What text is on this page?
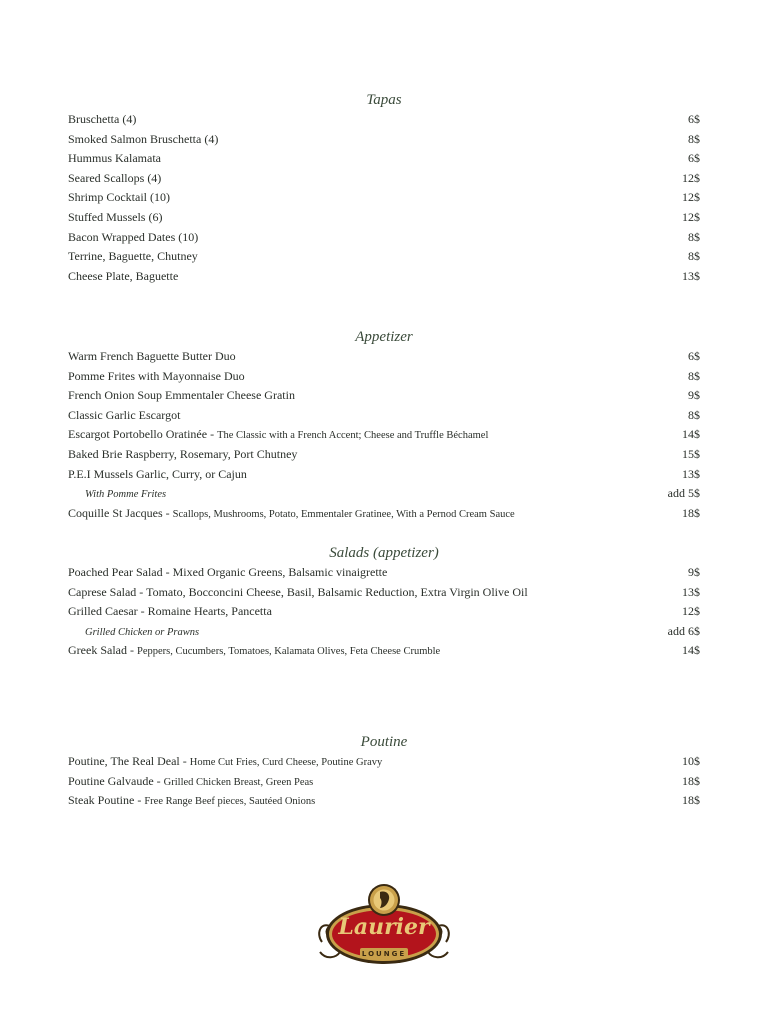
Tapas
Bruschetta (4)	6$
Smoked Salmon Bruschetta (4)	8$
Hummus Kalamata	6$
Seared Scallops (4)	12$
Shrimp Cocktail (10)	12$
Stuffed Mussels (6)	12$
Bacon Wrapped Dates (10)	8$
Terrine, Baguette, Chutney	8$
Cheese Plate, Baguette	13$
Appetizer
Warm French Baguette Butter Duo	6$
Pomme Frites with Mayonnaise Duo	8$
French Onion Soup Emmentaler Cheese Gratin	9$
Classic Garlic Escargot	8$
Escargot Portobello Oratinée - The Classic with a French Accent; Cheese and Truffle Béchamel	14$
Baked Brie Raspberry, Rosemary, Port Chutney	15$
P.E.I Mussels Garlic, Curry, or Cajun	13$
With Pomme Frites	add 5$
Coquille St Jacques - Scallops, Mushrooms, Potato, Emmentaler Gratinee, With a Pernod Cream Sauce	18$
Salads (appetizer)
Poached Pear Salad - Mixed Organic Greens, Balsamic vinaigrette	9$
Caprese Salad - Tomato, Bocconcini Cheese, Basil, Balsamic Reduction, Extra Virgin Olive Oil	13$
Grilled Caesar - Romaine Hearts, Pancetta	12$
Grilled Chicken or Prawns	add 6$
Greek Salad - Peppers, Cucumbers, Tomatoes, Kalamata Olives, Feta Cheese Crumble	14$
Poutine
Poutine, The Real Deal - Home Cut Fries, Curd Cheese, Poutine Gravy	10$
Poutine Galvaude - Grilled Chicken Breast, Green Peas	18$
Steak Poutine - Free Range Beef pieces, Sautéed Onions	18$
Laurier
LOUNGE
